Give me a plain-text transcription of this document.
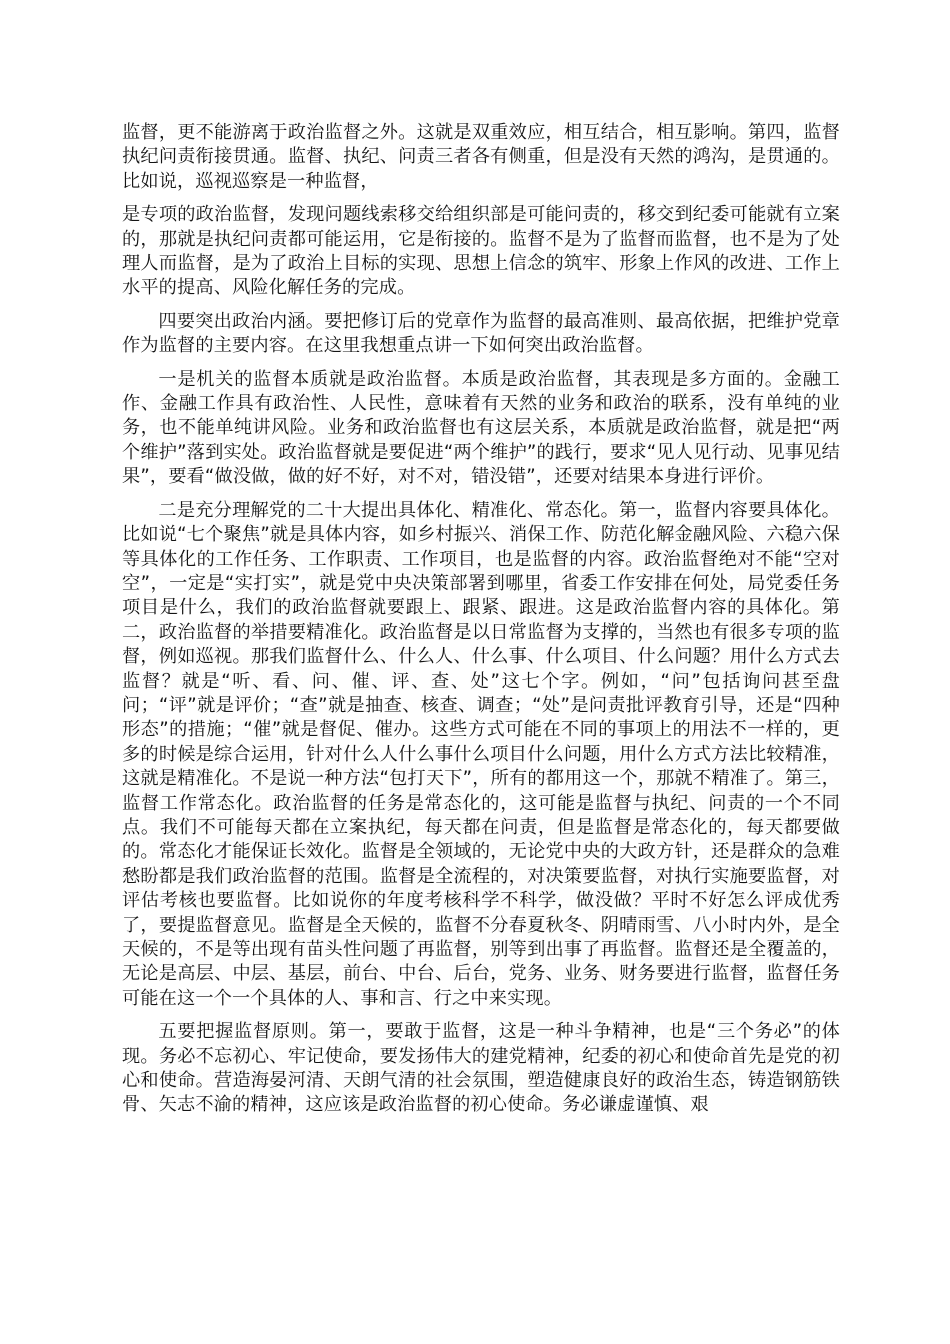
监督，更不能游离于政治监督之外。这就是双重效应，相互结合，相互影响。第四，监督执纪问责衔接贯通。监督、执纪、问责三者各有侧重，但是没有天然的鸿沟，是贯通的。比如说，巡视巡察是一种监督，

是专项的政治监督，发现问题线索移交给组织部是可能问责的，移交到纪委可能就有立案的，那就是执纪问责都可能运用，它是衔接的。监督不是为了监督而监督，也不是为了处理人而监督，是为了政治上目标的实现、思想上信念的筑牢、形象上作风的改进、工作上水平的提高、风险化解任务的完成。

四要突出政治内涵。要把修订后的党章作为监督的最高准则、最高依据，把维护党章作为监督的主要内容。在这里我想重点讲一下如何突出政治监督。

一是机关的监督本质就是政治监督。本质是政治监督，其表现是多方面的。金融工作、金融工作具有政治性、人民性，意味着有天然的业务和政治的联系，没有单纯的业务，也不能单纯讲风险。业务和政治监督也有这层关系，本质就是政治监督，就是把“两个维护”落到实处。政治监督就是要促进“两个维护”的践行，要求“见人见行动、见事见结果”，要看“做没做，做的好不好，对不对，错没错”，还要对结果本身进行评价。

二是充分理解党的二十大提出具体化、精准化、常态化。第一，监督内容要具体化。比如说“七个聚焦”就是具体内容，如乡村振兴、消保工作、防范化解金融风险、六稳六保等具体化的工作任务、工作职责、工作项目，也是监督的内容。政治监督绝对不能“空对空”，一定是“实打实”，就是党中央决策部署到哪里，省委工作安排在何处，局党委任务项目是什么，我们的政治监督就要跟上、跟紧、跟进。这是政治监督内容的具体化。第二，政治监督的举措要精准化。政治监督是以日常监督为支撑的，当然也有很多专项的监督，例如巡视。那我们监督什么、什么人、什么事、什么项目、什么问题？用什么方式去监督？就是“听、看、问、催、评、查、处”这七个字。例如，“问”包括询问甚至盘问；“评”就是评价；“查”就是抽查、核查、调查；“处”是问责批评教育引导，还是“四种形态”的措施；“催”就是督促、催办。这些方式可能在不同的事项上的用法不一样的，更多的时候是综合运用，针对什么人什么事什么项目什么问题，用什么方式方法比较精准，这就是精准化。不是说一种方法“包打天下”，所有的都用这一个，那就不精准了。第三，监督工作常态化。政治监督的任务是常态化的，这可能是监督与执纪、问责的一个不同点。我们不可能每天都在立案执纪，每天都在问责，但是监督是常态化的，每天都要做的。常态化才能保证长效化。监督是全领域的，无论党中央的大政方针，还是群众的急难愁盼都是我们政治监督的范围。监督是全流程的，对决策要监督，对执行实施要监督，对评估考核也要监督。比如说你的年度考核科学不科学，做没做？平时不好怎么评成优秀了，要提监督意见。监督是全天候的，监督不分春夏秋冬、阴晴雨雪、八小时内外，是全天候的，不是等出现有苗头性问题了再监督，别等到出事了再监督。监督还是全覆盖的，无论是高层、中层、基层，前台、中台、后台，党务、业务、财务要进行监督，监督任务可能在这一个一个具体的人、事和言、行之中来实现。

五要把握监督原则。第一，要敢于监督，这是一种斗争精神，也是“三个务必”的体现。务必不忘初心、牢记使命，要发扬伟大的建党精神，纪委的初心和使命首先是党的初心和使命。营造海晏河清、天朗气清的社会氛围，塑造健康良好的政治生态，铸造钢筋铁骨、矢志不渝的精神，这应该是政治监督的初心使命。务必谦虚谨慎、艰
